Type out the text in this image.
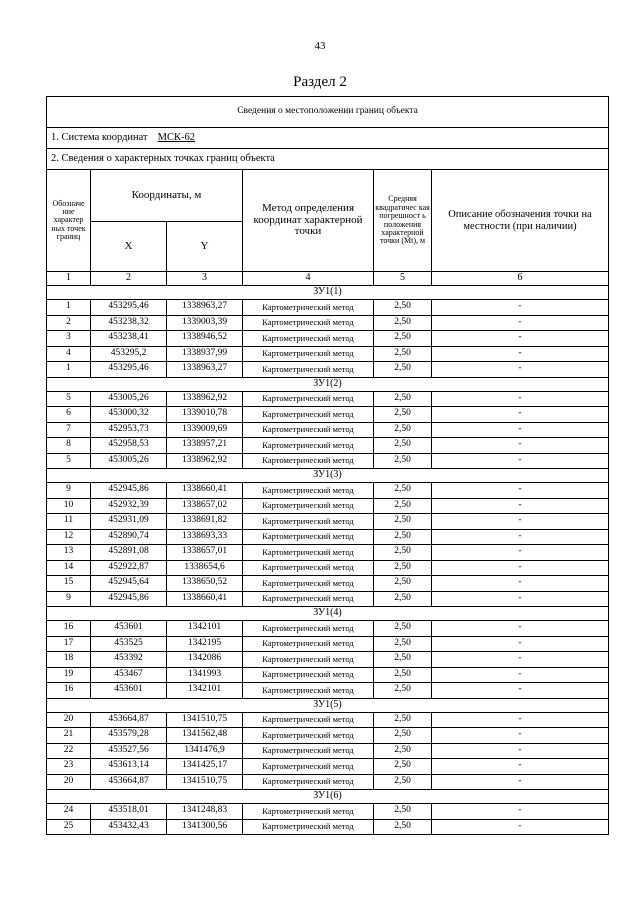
43
Раздел 2
Сведения о местоположении границ объекта					
1. Система координат МСК-62					
2. Сведения о характерных точках границ объекта					
Обозначе ние характер ных точек границ	Координаты, м		Метод определения координат характерной точки	Средняя квадратичес кая погрешност ь положения характерной точки (Mt), м	Описание обозначения точки на местности (при наличии)
	X	Y			
1	2	3	4	5	6
ЗУ1(1)					
1	453295,46	1338963,27	Картометрический метод	2,50	-
2	453238,32	1339003,39	Картометрический метод	2,50	-
3	453238,41	1338946,52	Картометрический метод	2,50	-
4	453295,2	1338937,99	Картометрический метод	2,50	-
1	453295,46	1338963,27	Картометрический метод	2,50	-
ЗУ1(2)					
5	453005,26	1338962,92	Картометрический метод	2,50	-
6	453000,32	1339010,78	Картометрический метод	2,50	-
7	452953,73	1339009,69	Картометрический метод	2,50	-
8	452958,53	1338957,21	Картометрический метод	2,50	-
5	453005,26	1338962,92	Картометрический метод	2,50	-
ЗУ1(3)					
9	452945,86	1338660,41	Картометрический метод	2,50	-
10	452932,39	1338657,02	Картометрический метод	2,50	-
11	452931,09	1338691,82	Картометрический метод	2,50	-
12	452890,74	1338693,33	Картометрический метод	2,50	-
13	452891,08	1338657,01	Картометрический метод	2,50	-
14	452922,87	1338654,6	Картометрический метод	2,50	-
15	452945,64	1338650,52	Картометрический метод	2,50	-
9	452945,86	1338660,41	Картометрический метод	2,50	-
ЗУ1(4)					
16	453601	1342101	Картометрический метод	2,50	-
17	453525	1342195	Картометрический метод	2,50	-
18	453392	1342086	Картометрический метод	2,50	-
19	453467	1341993	Картометрический метод	2,50	-
16	453601	1342101	Картометрический метод	2,50	-
ЗУ1(5)					
20	453664,87	1341510,75	Картометрический метод	2,50	-
21	453579,28	1341562,48	Картометрический метод	2,50	-
22	453527,56	1341476,9	Картометрический метод	2,50	-
23	453613,14	1341425,17	Картометрический метод	2,50	-
20	453664,87	1341510,75	Картометрический метод	2,50	-
ЗУ1(6)					
24	453518,01	1341248,83	Картометрический метод	2,50	-
25	453432,43	1341300,56	Картометрический метод	2,50	-
